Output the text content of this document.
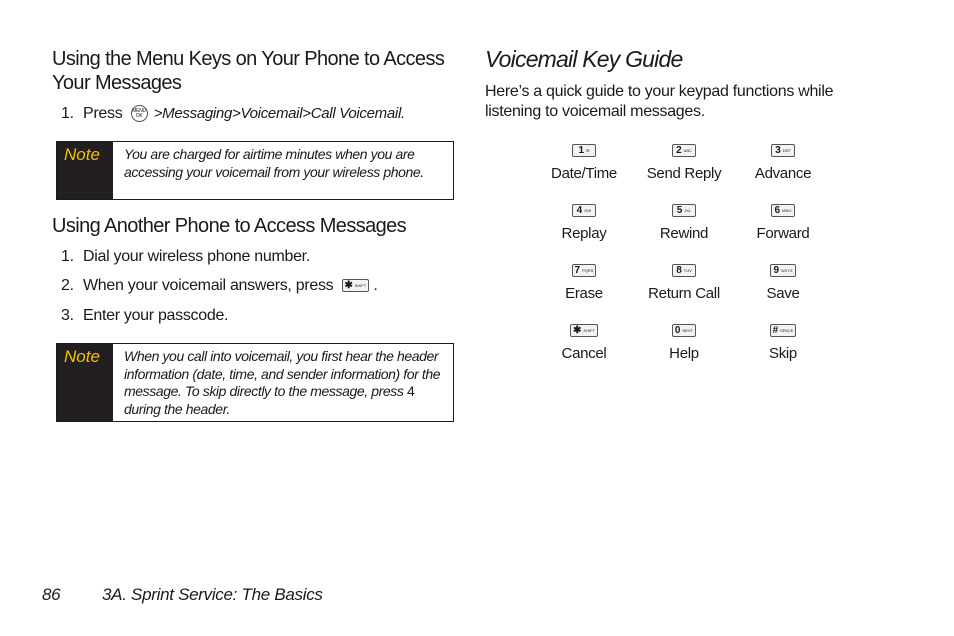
Using the Menu Keys on Your Phone to Access Your Messages
1. Press MENU
OK >Messaging>Voicemail>Call Voicemail.
Note	You are charged for airtime minutes when you are accessing your voicemail from your wireless phone.
Using Another Phone to Access Messages
1. Dial your wireless phone number.
2. When your voicemail answers, press ✱ SHIFT .
3. Enter your passcode.
Note	When you call into voicemail, you first hear the header information (date, time, and sender information) for the message. To skip directly to the message, press 4 during the header.
Voicemail Key Guide
Here’s a quick guide to your keypad functions while listening to voicemail messages.
1 ✉
Date/Time
2 ABC
Send Reply
3 DEF
Advance
4 GHI
Replay
5 JKL
Rewind
6 MNO
Forward
7 PQRS
Erase
8 TUV
Return Call
9 WXYZ
Save
✱ SHIFT
Cancel
0 NEXT
Help
# SPACE
Skip
86 3A. Sprint Service: The Basics
